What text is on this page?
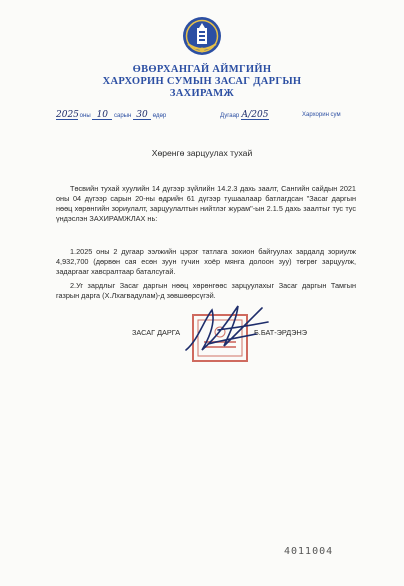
ӨВӨРХАНГАЙ АЙМГИЙН
ХАРХОРИН СУМЫН ЗАСАГ ДАРГЫН
ЗАХИРАМЖ
2025 оны 10 сарын 30 өдөр	Дугаар А/205	Хархорин сум
Хөренгө зарцуулах тухай
Төсвийн тухай хуулийн 14 дүгээр зүйлийн 14.2.3 дахь заалт, Сангийн сайдын 2021 оны 04 дүгээр сарын 20-ны өдрийн 61 дүгээр тушаалаар батлагдсан "Засаг даргын нөөц хөрөнгийн зориулалт, зарцуулалтын нийтлэг журам"-ын 2.1.5 дахь заалтыг тус тус үндэслэн ЗАХИРАМЖЛАХ нь:
1.2025 оны 2 дугаар ээлжийн цэрэг татлага зохион байгуулах зардалд зориулж 4,932,700 (дөрвөн сая есөн зуун гучин хоёр мянга долоон зуу) төгрөг зарцуулж, задаргааг хавсралтаар баталсугай.
2.Уг зардлыг Засаг даргын нөөц хөрөнгөөс зарцуулахыг Засаг даргын Тамгын газрын дарга (Х.Лхагвадулам)-д зөвшөөрсүгэй.
ЗАСАГ ДАРГА	Б.БАТ-ЭРДЭНЭ
4011004
